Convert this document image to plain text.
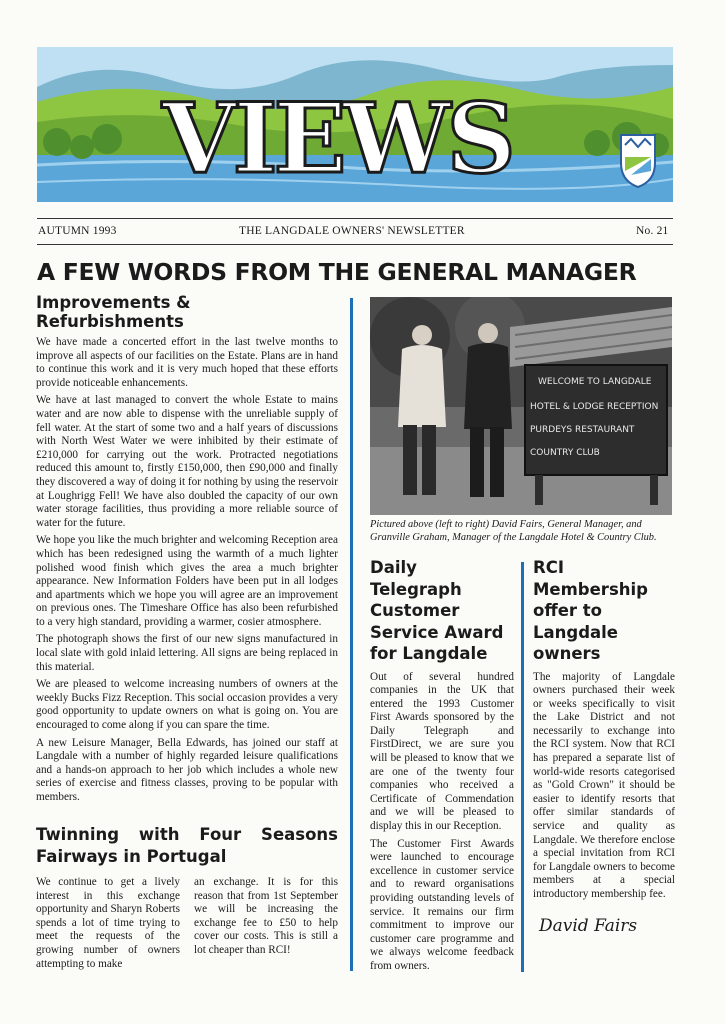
VIEWS
AUTUMN 1993	THE LANGDALE OWNERS' NEWSLETTER	No. 21
A FEW WORDS FROM THE GENERAL MANAGER
Improvements & Refurbishments

We have made a concerted effort in the last twelve months to improve all aspects of our facilities on the Estate. Plans are in hand to continue this work and it is very much hoped that these efforts provide noticeable enhancements.

We have at last managed to convert the whole Estate to mains water and are now able to dispense with the unreliable supply of fell water. At the start of some two and a half years of discussions with North West Water we were inhibited by their estimate of £210,000 for carrying out the work. Protracted negotiations reduced this amount to, firstly £150,000, then £90,000 and finally they discovered a way of doing it for nothing by using the reservoir at Loughrigg Fell! We have also doubled the capacity of our own water storage facilities, thus providing a more reliable source of water for the future.

We hope you like the much brighter and welcoming Reception area which has been redesigned using the warmth of a much lighter polished wood finish which gives the area a much brighter appearance. New Information Folders have been put in all lodges and apartments which we hope you will agree are an improvement on previous ones. The Timeshare Office has also been refurbished to a very high standard, providing a warmer, cosier atmosphere.

The photograph shows the first of our new signs manufactured in local slate with gold inlaid lettering. All signs are being replaced in this material.

We are pleased to welcome increasing numbers of owners at the weekly Bucks Fizz Reception. This social occasion provides a very good opportunity to update owners on what is going on. You are encouraged to come along if you can spare the time.

A new Leisure Manager, Bella Edwards, has joined our staff at Langdale with a number of highly regarded leisure qualifications and a hands-on approach to her job which includes a whole new series of exercise and fitness classes, proving to be popular with members.

Twinning with Four Seasons
Fairways in Portugal

We continue to get a lively interest in this exchange opportunity and Sharyn Roberts spends a lot of time trying to meet the requests of the growing number of owners attempting to make

an exchange. It is for this reason that from 1st September we will be increasing the exchange fee to £50 to help cover our costs. This is still a lot cheaper than RCI!

WELCOME TO LANGDALE
HOTEL & LODGE RECEPTION
PURDEYS RESTAURANT
COUNTRY CLUB
Pictured above (left to right) David Fairs, General Manager, and Granville Graham, Manager of the Langdale Hotel & Country Club.
Daily Telegraph Customer Service Award for Langdale

Out of several hundred companies in the UK that entered the 1993 Customer First Awards sponsored by the Daily Telegraph and FirstDirect, we are sure you will be pleased to know that we are one of the twenty four companies who received a Certificate of Commendation and we will be pleased to display this in our Reception.

The Customer First Awards were launched to encourage excellence in customer service and to reward organisations providing outstanding levels of service. It remains our firm commitment to improve our customer care programme and we always welcome feedback from owners.

RCI Membership offer to Langdale owners

The majority of Langdale owners purchased their week or weeks specifically to visit the Lake District and not necessarily to exchange into the RCI system. Now that RCI has prepared a separate list of world-wide resorts categorised as "Gold Crown" it should be easier to identify resorts that offer similar standards of service and quality as Langdale. We therefore enclose a special invitation from RCI for Langdale owners to become members at a special introductory membership fee.

David Fairs
